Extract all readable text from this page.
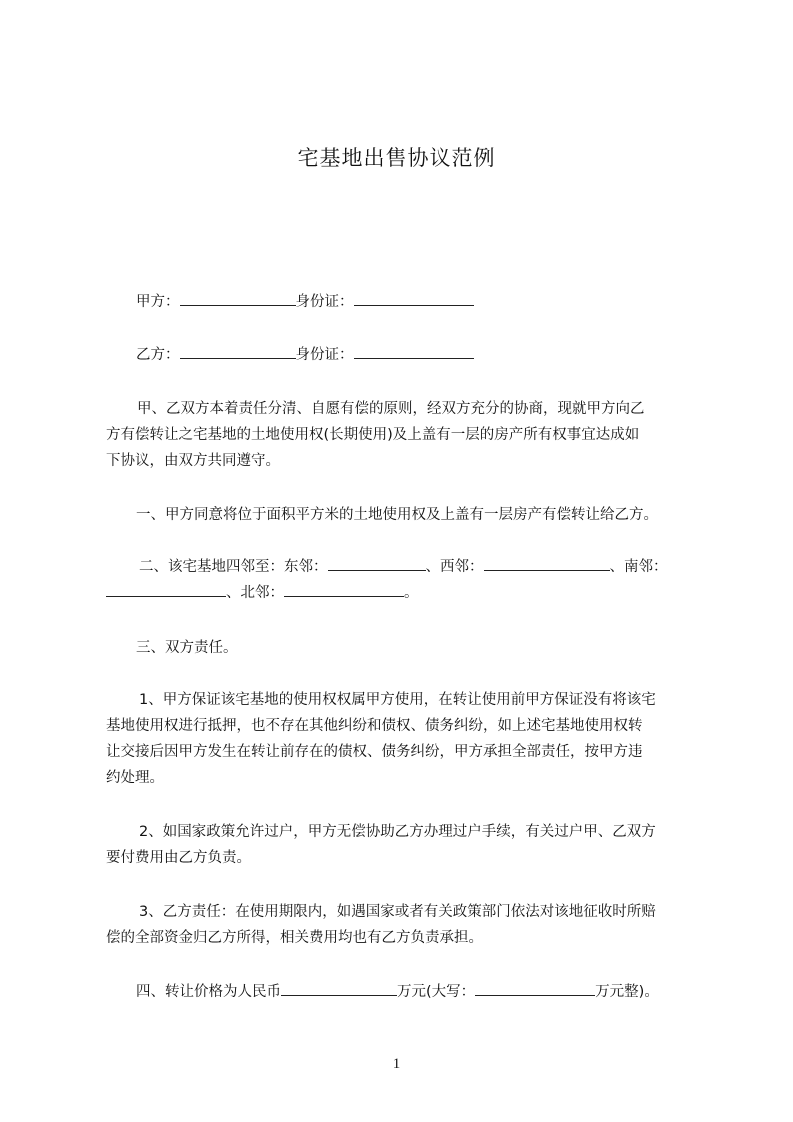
宅基地出售协议范例
甲方：	身份证：
乙方：	身份证：
甲、乙双方本着责任分清、自愿有偿的原则，经双方充分的协商，现就甲方向乙
方有偿转让之宅基地的土地使用权(长期使用)及上盖有一层的房产所有权事宜达成如
下协议，由双方共同遵守。
一、甲方同意将位于面积平方米的土地使用权及上盖有一层房产有偿转让给乙方。
二、该宅基地四邻至：东邻：	、西邻：	、南邻：
、北邻：	。
三、双方责任。
1、甲方保证该宅基地的使用权权属甲方使用，在转让使用前甲方保证没有将该宅
基地使用权进行抵押，也不存在其他纠纷和债权、债务纠纷，如上述宅基地使用权转
让交接后因甲方发生在转让前存在的债权、债务纠纷，甲方承担全部责任，按甲方违
约处理。
2、如国家政策允许过户，甲方无偿协助乙方办理过户手续，有关过户甲、乙双方
要付费用由乙方负责。
3、乙方责任：在使用期限内，如遇国家或者有关政策部门依法对该地征收时所赔
偿的全部资金归乙方所得，相关费用均也有乙方负责承担。
四、转让价格为人民币	万元(大写：	万元整)。
1
